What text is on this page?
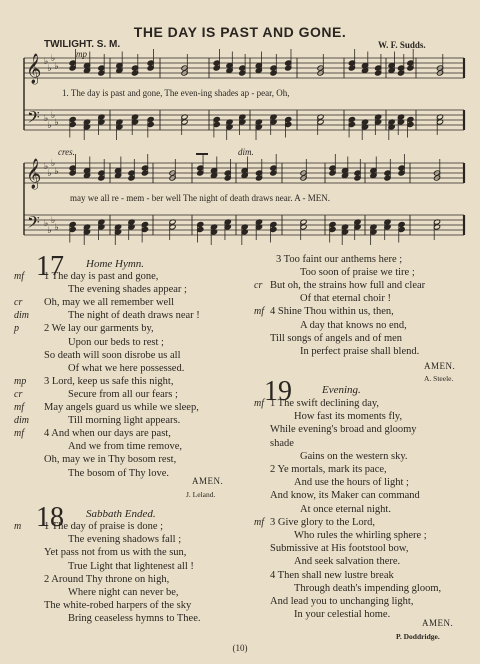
THE DAY IS PAST AND GONE.
TWILIGHT. S. M.	W. F. Sudds.
𝄞
𝄢
♭
♭
♭
♭
♭
♭
♭
♭
𝄞
𝄢
♭
♭
♭
♭
♭
♭
♭
♭
mp
cres.	dim.
1. The day is past and gone, The even-ing shades ap - pear, Oh,
may we all re - mem - ber well The night of death draws near. A - MEN.
17 Home Hymn.
mf 1 The day is past and gone,
The evening shades appear ;
cr Oh, may we all remember well
dim	The night of death draws near !
p 2 We lay our garments by,
Upon our beds to rest ;
So death will soon disrobe us all
Of what we here possessed.
mp 3 Lord, keep us safe this night,
cr	Secure from all our fears ;
mf May angels guard us while we sleep,
dim	Till morning light appears.
mf 4 And when our days are past,
And we from time remove,
Oh, may we in Thy bosom rest,
The bosom of Thy love.
AMEN.
J. Leland.
18 Sabbath Ended.
m 1 The day of praise is done ;
The evening shadows fall ;
Yet pass not from us with the sun,
True Light that lightenest all !
2 Around Thy throne on high,
Where night can never be,
The white-robed harpers of the sky
Bring ceaseless hymns to Thee.
3 Too faint our anthems here ;
Too soon of praise we tire ;
cr But oh, the strains how full and clear
Of that eternal choir !
mf 4 Shine Thou within us, then,
A day that knows no end,
Till songs of angels and of men
In perfect praise shall blend.
AMEN.
A. Steele.
19	Evening.
mf 1 The swift declining day,
How fast its moments fly,
While evening's broad and gloomy
shade
Gains on the western sky.
2 Ye mortals, mark its pace,
And use the hours of light ;
And know, its Maker can command
At once eternal night.
mf 3 Give glory to the Lord,
Who rules the whirling sphere ;
Submissive at His footstool bow,
And seek salvation there.
4 Then shall new lustre break
Through death's impending gloom,
And lead you to unchanging light,
In your celestial home.
AMEN.
P. Doddridge.
(10)
